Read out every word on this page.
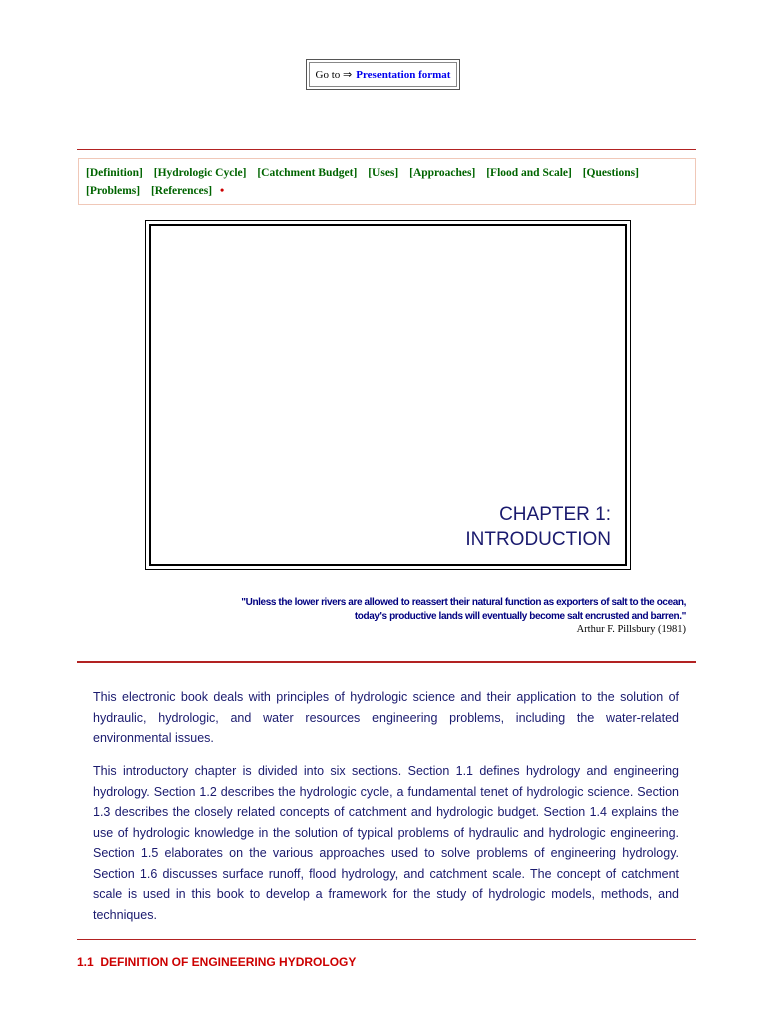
Go to ⇒ Presentation format
[Definition] [Hydrologic Cycle] [Catchment Budget] [Uses] [Approaches] [Flood and Scale] [Questions] [Problems] [References] •
CHAPTER 1:
INTRODUCTION
"Unless the lower rivers are allowed to reassert their natural function as exporters of salt to the ocean,
today's productive lands will eventually become salt encrusted and barren."
Arthur F. Pillsbury (1981)
This electronic book deals with principles of hydrologic science and their application to the solution of hydraulic, hydrologic, and water resources engineering problems, including the water-related environmental issues.
This introductory chapter is divided into six sections. Section 1.1 defines hydrology and engineering hydrology. Section 1.2 describes the hydrologic cycle, a fundamental tenet of hydrologic science. Section 1.3 describes the closely related concepts of catchment and hydrologic budget. Section 1.4 explains the use of hydrologic knowledge in the solution of typical problems of hydraulic and hydrologic engineering. Section 1.5 elaborates on the various approaches used to solve problems of engineering hydrology. Section 1.6 discusses surface runoff, flood hydrology, and catchment scale. The concept of catchment scale is used in this book to develop a framework for the study of hydrologic models, methods, and techniques.
1.1  DEFINITION OF ENGINEERING HYDROLOGY
